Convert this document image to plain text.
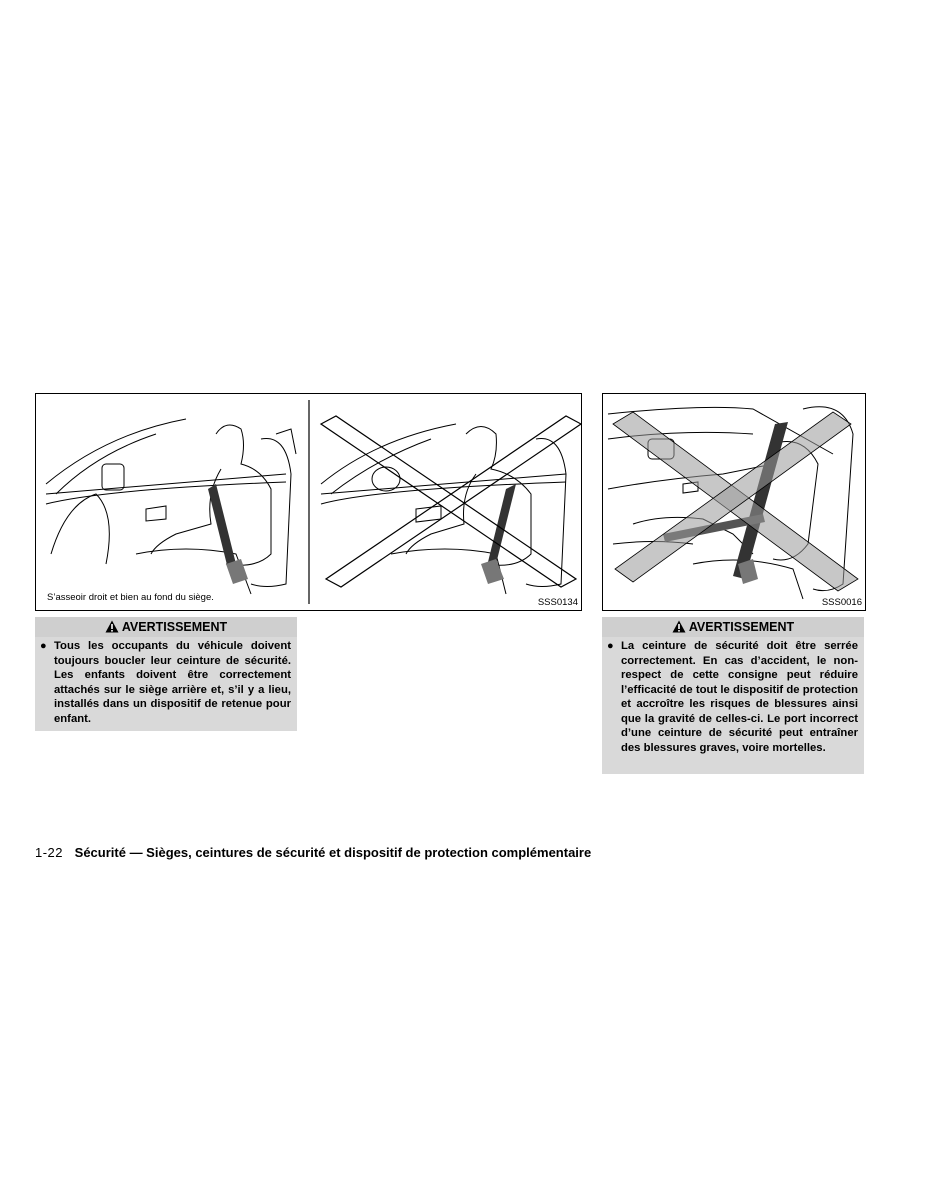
S’asseoir droit et bien au fond du siège.	SSS0134	SSS0016
AVERTISSEMENT
● Tous les occupants du véhicule doivent toujours boucler leur ceinture de sécurité. Les enfants doivent être correctement attachés sur le siège arrière et, s’il y a lieu, installés dans un dispositif de retenue pour enfant.
AVERTISSEMENT
● La ceinture de sécurité doit être serrée correctement. En cas d’accident, le non-respect de cette consigne peut réduire l’efficacité de tout le dispositif de protection et accroître les risques de blessures ainsi que la gravité de celles-ci. Le port incorrect d’une ceinture de sécurité peut entraîner des blessures graves, voire mortelles.
1-22 Sécurité — Sièges, ceintures de sécurité et dispositif de protection complémentaire
